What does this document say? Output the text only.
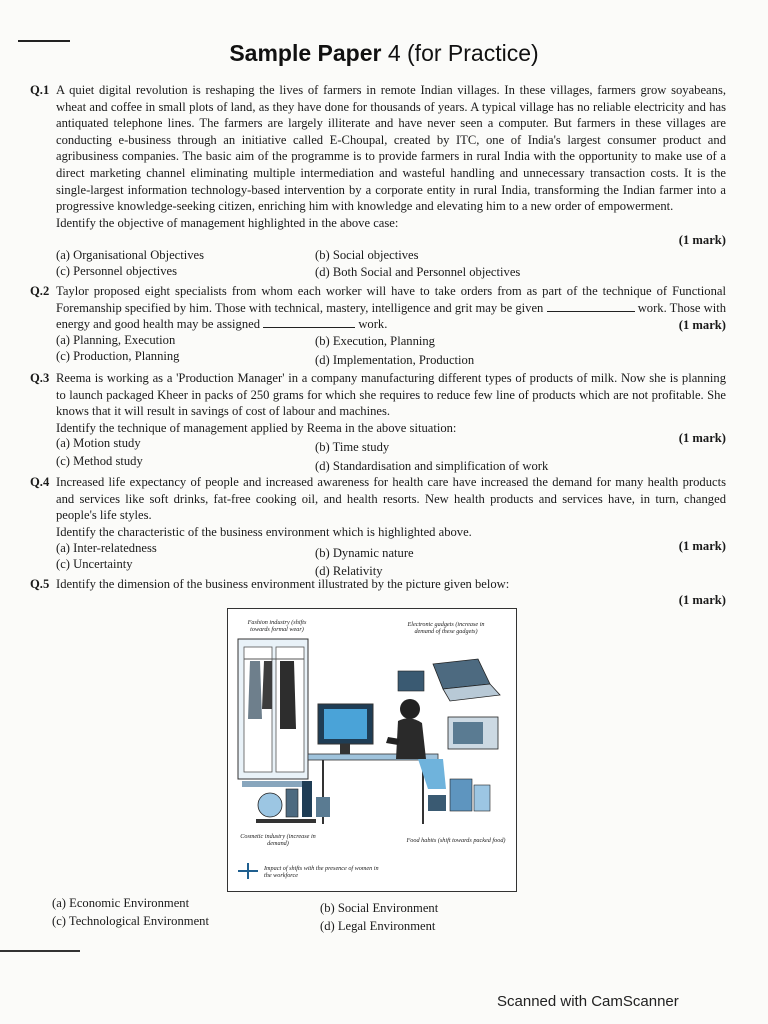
Sample Paper 4 (for Practice)
Q.1 A quiet digital revolution is reshaping the lives of farmers in remote Indian villages. In these villages, farmers grow soyabeans, wheat and coffee in small plots of land, as they have done for thousands of years. A typical village has no reliable electricity and has antiquated telephone lines. The farmers are largely illiterate and have never seen a computer. But farmers in these villages are conducting e-business through an initiative called E-Choupal, created by ITC, one of India's largest consumer product and agribusiness companies. The basic aim of the programme is to provide farmers in rural India with the opportunity to make use of a direct marketing channel eliminating multiple intermediation and wasteful handling and unnecessary transaction costs. It is the single-largest information technology-based intervention by a corporate entity in rural India, transforming the Indian farmer into a progressive knowledge-seeking citizen, enriching him with knowledge and elevating him to a new order of empowerment.
Identify the objective of management highlighted in the above case:
(1 mark)
(a) Organisational Objectives	(b) Social objectives
(c) Personnel objectives	(d) Both Social and Personnel objectives
Q.2 Taylor proposed eight specialists from whom each worker will have to take orders from as part of the technique of Functional Foremanship specified by him. Those with technical, mastery, intelligence and grit may be given	work. Those with energy and good health may be assigned	work.	(1 mark)
(a) Planning, Execution	(b) Execution, Planning
(c) Production, Planning	(d) Implementation, Production
Q.3 Reema is working as a 'Production Manager' in a company manufacturing different types of products of milk. Now she is planning to launch packaged Kheer in packs of 250 grams for which she requires to reduce few line of products which are not profitable. She knows that it will result in savings of cost of labour and machines.
Identify the technique of management applied by Reema in the above situation:
(1 mark)
(a) Motion study	(b) Time study
(c) Method study	(d) Standardisation and simplification of work
Q.4 Increased life expectancy of people and increased awareness for health care have increased the demand for many health products and services like soft drinks, fat-free cooking oil, and health resorts. New health products and services have, in turn, changed people's life styles.
Identify the characteristic of the business environment which is highlighted above.
(1 mark)
(a) Inter-relatedness	(b) Dynamic nature
(c) Uncertainty	(d) Relativity
Q.5 Identify the dimension of the business environment illustrated by the picture given below:
(1 mark)
Fashion industry (shifts towards formal wear)
Electronic gadgets (increase in demand of these gadgets)
Cosmetic industry (increase in demand)	Food habits (shift towards packed food)
Impact of shifts with the presence of women in the workforce
(a) Economic Environment	(b) Social Environment
(c) Technological Environment	(d) Legal Environment
Scanned with CamScanner
